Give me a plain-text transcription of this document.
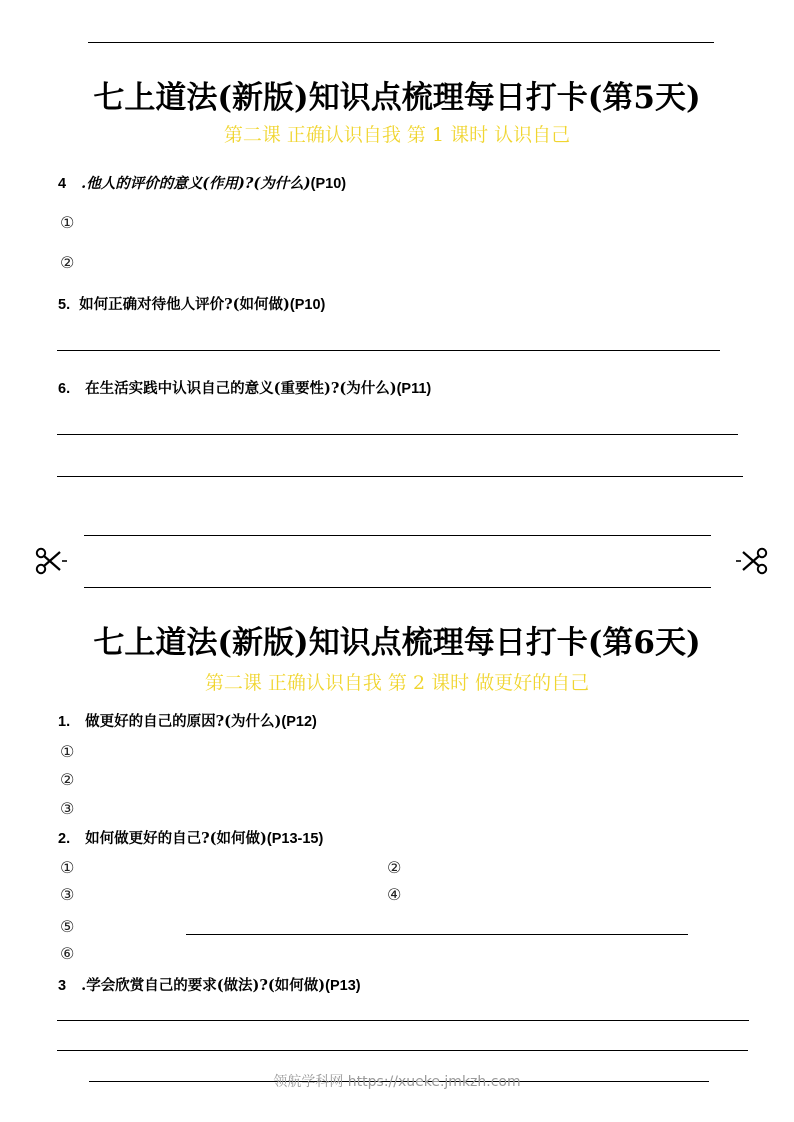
七上道法(新版)知识点梳理每日打卡(第5天)
第二课 正确认识自我 第 1 课时 认识自己
4 .他人的评价的意义(作用)?(为什么)(P10)
①
②
5. 如何正确对待他人评价?(如何做)(P10)
6. 在生活实践中认识自己的意义(重要性)?(为什么)(P11)
七上道法(新版)知识点梳理每日打卡(第6天)
第二课 正确认识自我 第 2 课时 做更好的自己
1. 做更好的自己的原因?(为什么)(P12)
①
②
③
2. 如何做更好的自己?(如何做)(P13-15)
①	②
③	④
⑤
⑥
3 .学会欣赏自己的要求(做法)?(如何做)(P13)
领航学科网 https://xueke.jmkzh.com
